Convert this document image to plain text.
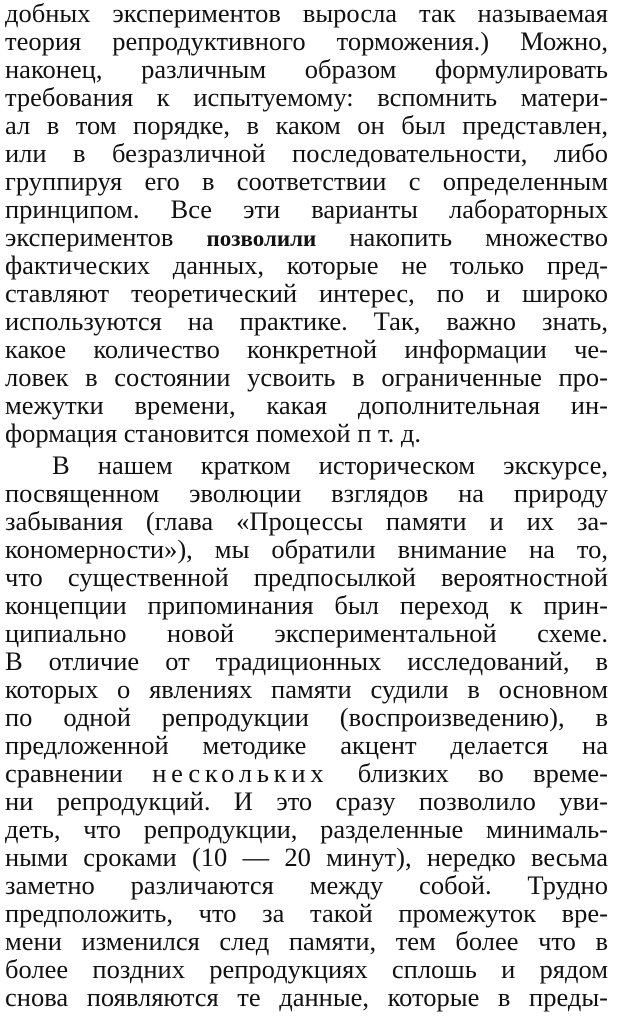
добных экспериментов выросла так называемая
теория репродуктивного торможения.) Можно,
наконец, различным образом формулировать
требования к испытуемому: вспомнить матери-
ал в том порядке, в каком он был представлен,
или в безразличной последовательности, либо
группируя его в соответствии с определенным
принципом. Все эти варианты лабораторных
экспериментов позволили накопить множество
фактических данных, которые не только пред-
ставляют теоретический интерес, по и широко
используются на практике. Так, важно знать,
какое количество конкретной информации че-
ловек в состоянии усвоить в ограниченные про-
межутки времени, какая дополнительная ин-
формация становится помехой п т. д.
В нашем кратком историческом экскурсе,
посвященном эволюции взглядов на природу
забывания (глава «Процессы памяти и их за-
кономерности»), мы обратили внимание на то,
что существенной предпосылкой вероятностной
концепции припоминания был переход к прин-
ципиально новой экспериментальной схеме.
В отличие от традиционных исследований, в
которых о явлениях памяти судили в основном
по одной репродукции (воспроизведению), в
предложенной методике акцент делается на
сравнении нескольких близких во време-
ни репродукций. И это сразу позволило уви-
деть, что репродукции, разделенные минималь-
ными сроками (10 — 20 минут), нередко весьма
заметно различаются между собой. Трудно
предположить, что за такой промежуток вре-
мени изменился след памяти, тем более что в
более поздних репродукциях сплошь и рядом
снова появляются те данные, которые в преды-
